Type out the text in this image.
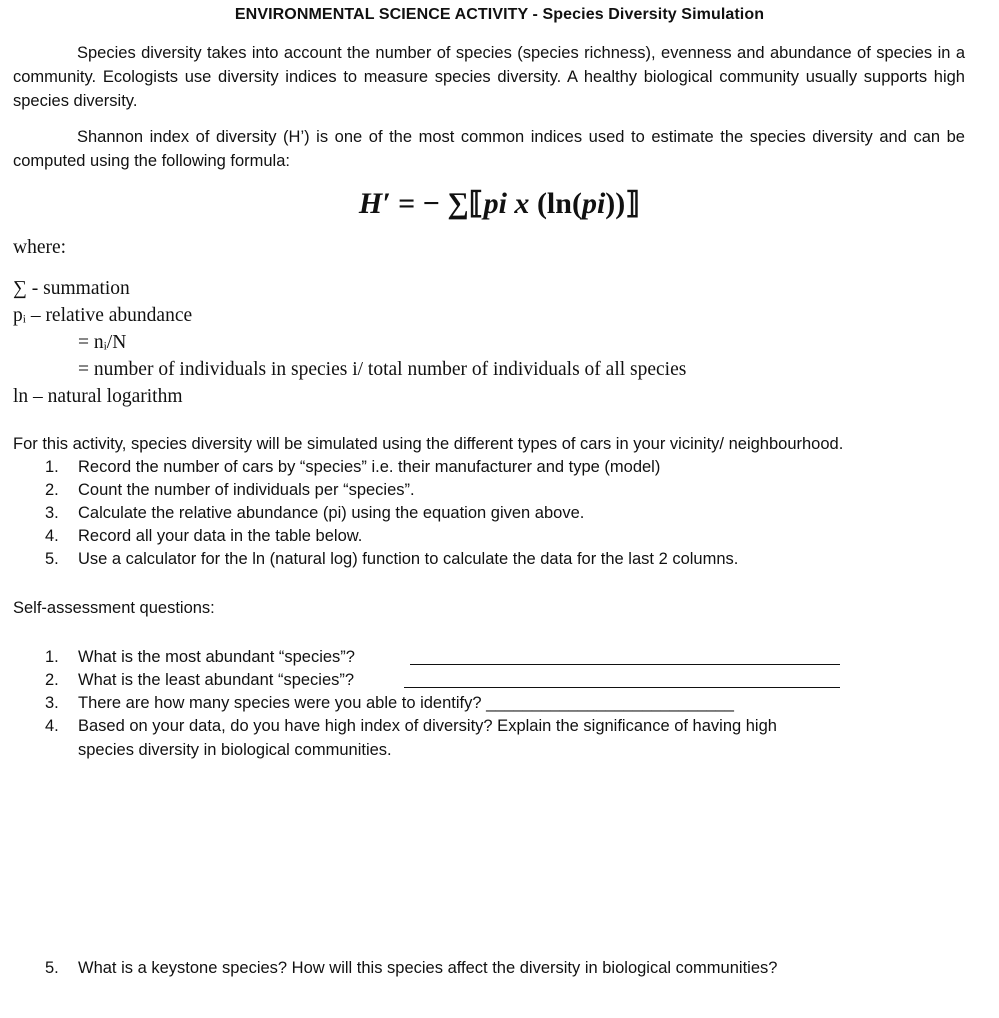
ENVIRONMENTAL SCIENCE ACTIVITY - Species Diversity Simulation
Species diversity takes into account the number of species (species richness), evenness and abundance of species in a community. Ecologists use diversity indices to measure species diversity. A healthy biological community usually supports high species diversity.
Shannon index of diversity (H’) is one of the most common indices used to estimate the species diversity and can be computed using the following formula:
H′ = − ∑⟦pi x (ln(pi))⟧
where:
∑ - summation
pᵢ – relative abundance
= nᵢ/N
= number of individuals in species i/ total number of individuals of all species
ln – natural logarithm
For this activity, species diversity will be simulated using the different types of cars in your vicinity/ neighbourhood.
1. Record the number of cars by “species” i.e. their manufacturer and type (model)
2. Count the number of individuals per “species”.
3. Calculate the relative abundance (pi) using the equation given above.
4. Record all your data in the table below.
5. Use a calculator for the ln (natural log) function to calculate the data for the last 2 columns.
Self-assessment questions:
1. What is the most abundant “species”?
2. What is the least abundant “species”?
3. There are how many species were you able to identify? ___________________________
4. Based on your data, do you have high index of diversity? Explain the significance of having high
species diversity in biological communities.
5. What is a keystone species? How will this species affect the diversity in biological communities?
